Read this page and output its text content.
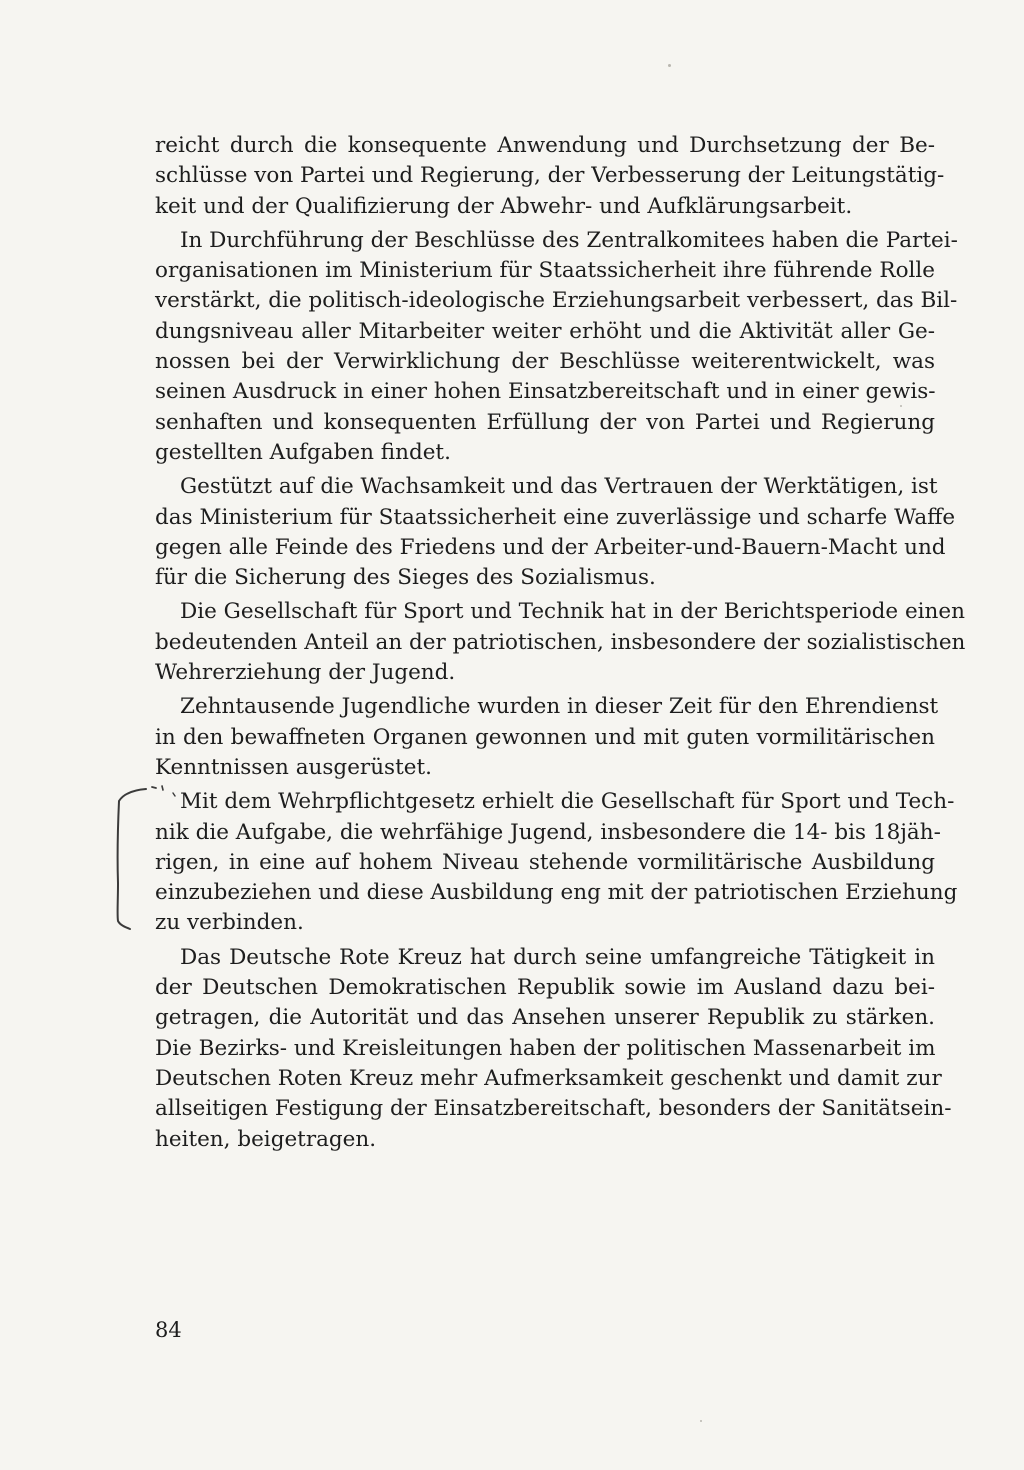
reicht durch die konsequente Anwendung und Durchsetzung der Be-
schlüsse von Partei und Regierung, der Verbesserung der Leitungstätig-
keit und der Qualifizierung der Abwehr- und Aufklärungsarbeit.
In Durchführung der Beschlüsse des Zentralkomitees haben die Partei-
organisationen im Ministerium für Staatssicherheit ihre führende Rolle
verstärkt, die politisch-ideologische Erziehungsarbeit verbessert, das Bil-
dungsniveau aller Mitarbeiter weiter erhöht und die Aktivität aller Ge-
nossen bei der Verwirklichung der Beschlüsse weiterentwickelt, was
seinen Ausdruck in einer hohen Einsatzbereitschaft und in einer gewis-
senhaften und konsequenten Erfüllung der von Partei und Regierung
gestellten Aufgaben findet.
Gestützt auf die Wachsamkeit und das Vertrauen der Werktätigen, ist
das Ministerium für Staatssicherheit eine zuverlässige und scharfe Waffe
gegen alle Feinde des Friedens und der Arbeiter-und-Bauern-Macht und
für die Sicherung des Sieges des Sozialismus.
Die Gesellschaft für Sport und Technik hat in der Berichtsperiode einen
bedeutenden Anteil an der patriotischen, insbesondere der sozialistischen
Wehrerziehung der Jugend.
Zehntausende Jugendliche wurden in dieser Zeit für den Ehrendienst
in den bewaffneten Organen gewonnen und mit guten vormilitärischen
Kenntnissen ausgerüstet.
Mit dem Wehrpflichtgesetz erhielt die Gesellschaft für Sport und Tech-
nik die Aufgabe, die wehrfähige Jugend, insbesondere die 14- bis 18jäh-
rigen, in eine auf hohem Niveau stehende vormilitärische Ausbildung
einzubeziehen und diese Ausbildung eng mit der patriotischen Erziehung
zu verbinden.
Das Deutsche Rote Kreuz hat durch seine umfangreiche Tätigkeit in
der Deutschen Demokratischen Republik sowie im Ausland dazu bei-
getragen, die Autorität und das Ansehen unserer Republik zu stärken.
Die Bezirks- und Kreisleitungen haben der politischen Massenarbeit im
Deutschen Roten Kreuz mehr Aufmerksamkeit geschenkt und damit zur
allseitigen Festigung der Einsatzbereitschaft, besonders der Sanitätsein-
heiten, beigetragen.
84
